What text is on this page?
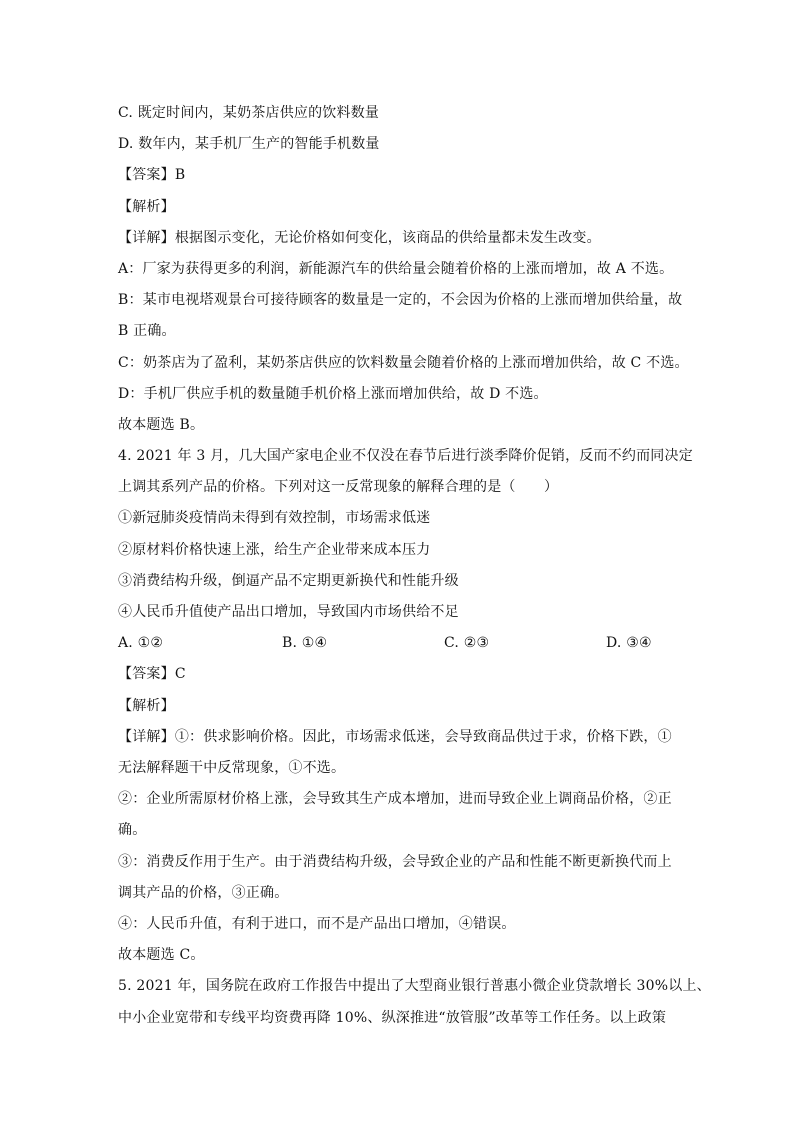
C. 既定时间内，某奶茶店供应的饮料数量
D. 数年内，某手机厂生产的智能手机数量
【答案】B
【解析】
【详解】根据图示变化，无论价格如何变化，该商品的供给量都未发生改变。
A：厂家为获得更多的利润，新能源汽车的供给量会随着价格的上涨而增加，故 A 不选。
B：某市电视塔观景台可接待顾客的数量是一定的，不会因为价格的上涨而增加供给量，故
B 正确。
C：奶茶店为了盈利，某奶茶店供应的饮料数量会随着价格的上涨而增加供给，故 C 不选。
D：手机厂供应手机的数量随手机价格上涨而增加供给，故 D 不选。
故本题选 B。
4. 2021 年 3 月，几大国产家电企业不仅没在春节后进行淡季降价促销，反而不约而同决定
上调其系列产品的价格。下列对这一反常现象的解释合理的是（　　）
①新冠肺炎疫情尚未得到有效控制，市场需求低迷
②原材料价格快速上涨，给生产企业带来成本压力
③消费结构升级，倒逼产品不定期更新换代和性能升级
④人民币升值使产品出口增加，导致国内市场供给不足
A. ①②	B. ①④	C. ②③	D. ③④
【答案】C
【解析】
【详解】①：供求影响价格。因此，市场需求低迷，会导致商品供过于求，价格下跌，①
无法解释题干中反常现象，①不选。
②：企业所需原材价格上涨，会导致其生产成本增加，进而导致企业上调商品价格，②正
确。
③：消费反作用于生产。由于消费结构升级，会导致企业的产品和性能不断更新换代而上
调其产品的价格，③正确。
④：人民币升值，有利于进口，而不是产品出口增加，④错误。
故本题选 C。
5. 2021 年，国务院在政府工作报告中提出了大型商业银行普惠小微企业贷款增长 30%以上、
中小企业宽带和专线平均资费再降 10%、纵深推进“放管服”改革等工作任务。以上政策
